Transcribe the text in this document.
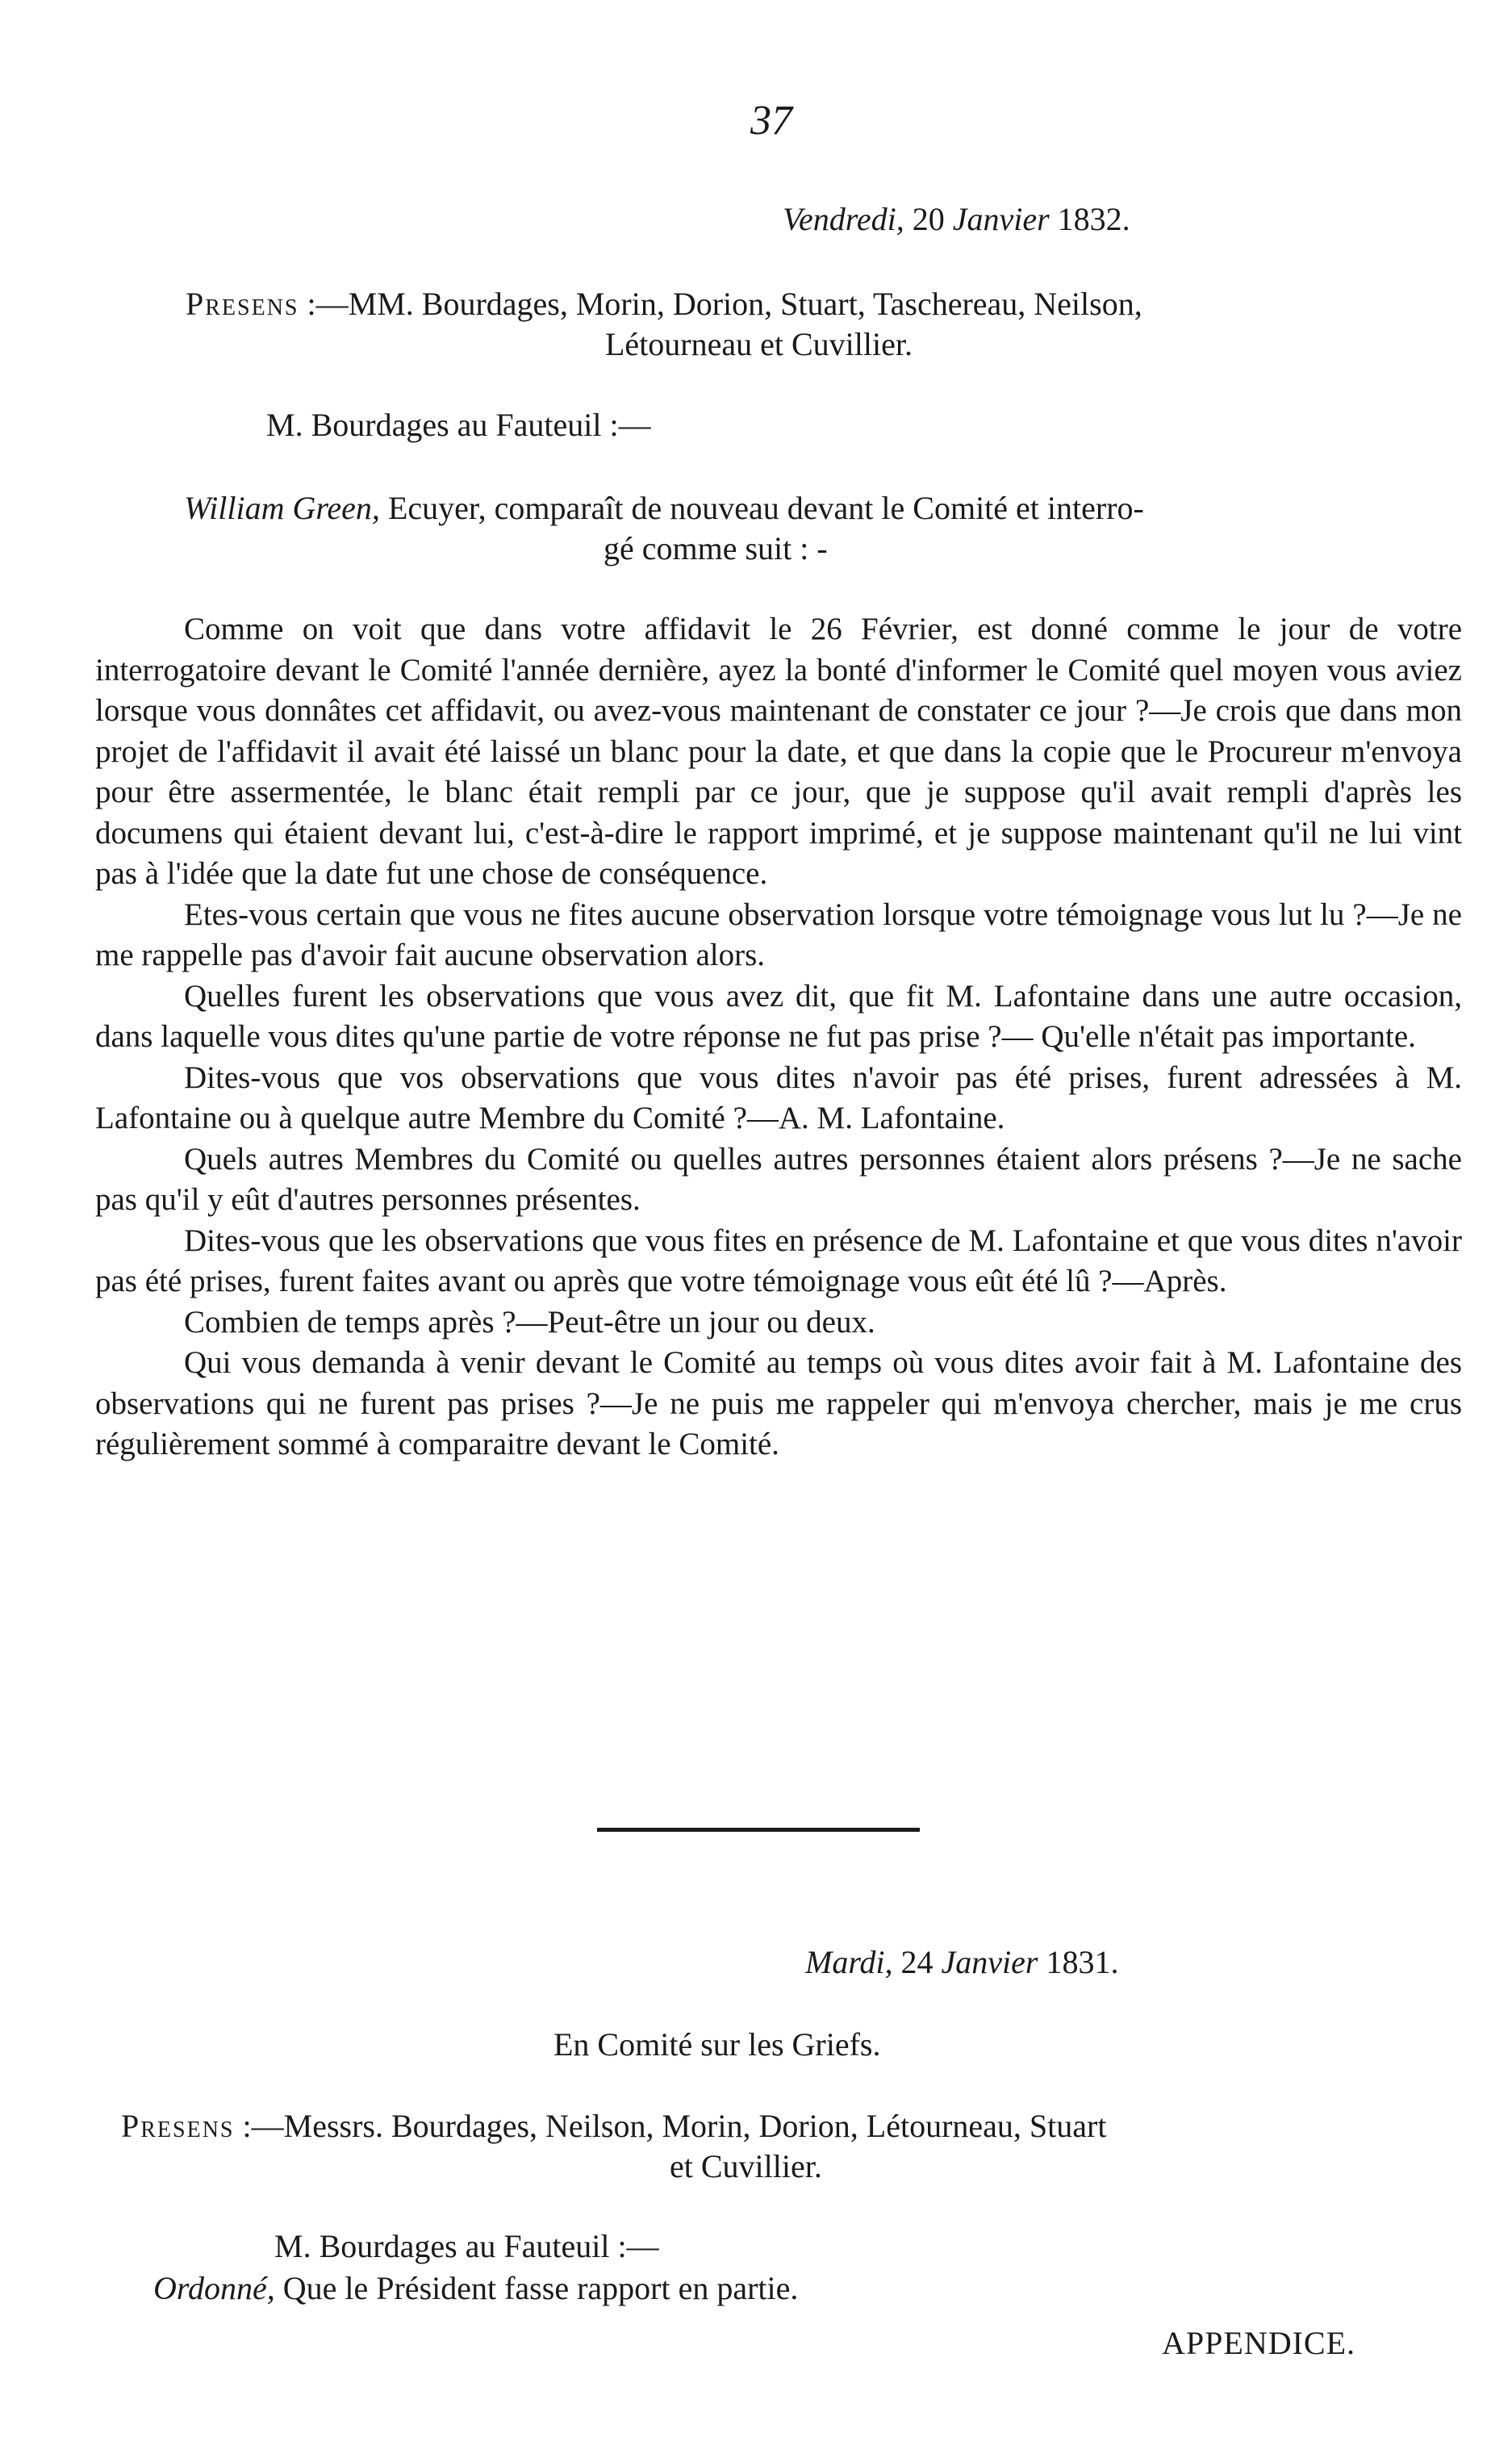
37
Vendredi, 20 Janvier 1832.
Presens :—MM. Bourdages, Morin, Dorion, Stuart, Taschereau, Neilson,
Létourneau et Cuvillier.
M. Bourdages au Fauteuil :—
William Green, Ecuyer, comparaît de nouveau devant le Comité et interro-
gé comme suit : -

Comme on voit que dans votre affidavit le 26 Février, est donné comme le jour de votre interrogatoire devant le Comité l'année dernière, ayez la bonté d'informer le Comité quel moyen vous aviez lorsque vous donnâtes cet affidavit, ou avez-vous maintenant de constater ce jour ?—Je crois que dans mon projet de l'affidavit il avait été laissé un blanc pour la date, et que dans la copie que le Procureur m'envoya pour être assermentée, le blanc était rempli par ce jour, que je suppose qu'il avait rempli d'après les documens qui étaient devant lui, c'est-à-dire le rapport imprimé, et je suppose maintenant qu'il ne lui vint pas à l'idée que la date fut une chose de conséquence.

Etes-vous certain que vous ne fites aucune observation lorsque votre témoignage vous lut lu ?—Je ne me rappelle pas d'avoir fait aucune observation alors.

Quelles furent les observations que vous avez dit, que fit M. Lafontaine dans une autre occasion, dans laquelle vous dites qu'une partie de votre réponse ne fut pas prise ?— Qu'elle n'était pas importante.

Dites-vous que vos observations que vous dites n'avoir pas été prises, furent adressées à M. Lafontaine ou à quelque autre Membre du Comité ?—A. M. Lafontaine.

Quels autres Membres du Comité ou quelles autres personnes étaient alors présens ?—Je ne sache pas qu'il y eût d'autres personnes présentes.

Dites-vous que les observations que vous fites en présence de M. Lafontaine et que vous dites n'avoir pas été prises, furent faites avant ou après que votre témoignage vous eût été lû ?—Après.

Combien de temps après ?—Peut-être un jour ou deux.

Qui vous demanda à venir devant le Comité au temps où vous dites avoir fait à M. Lafontaine des observations qui ne furent pas prises ?—Je ne puis me rappeler qui m'envoya chercher, mais je me crus régulièrement sommé à comparaitre devant le Comité.

Mardi, 24 Janvier 1831.
En Comité sur les Griefs.
Presens :—Messrs. Bourdages, Neilson, Morin, Dorion, Létourneau, Stuart
et Cuvillier.
M. Bourdages au Fauteuil :—
Ordonné, Que le Président fasse rapport en partie.
APPENDICE.
